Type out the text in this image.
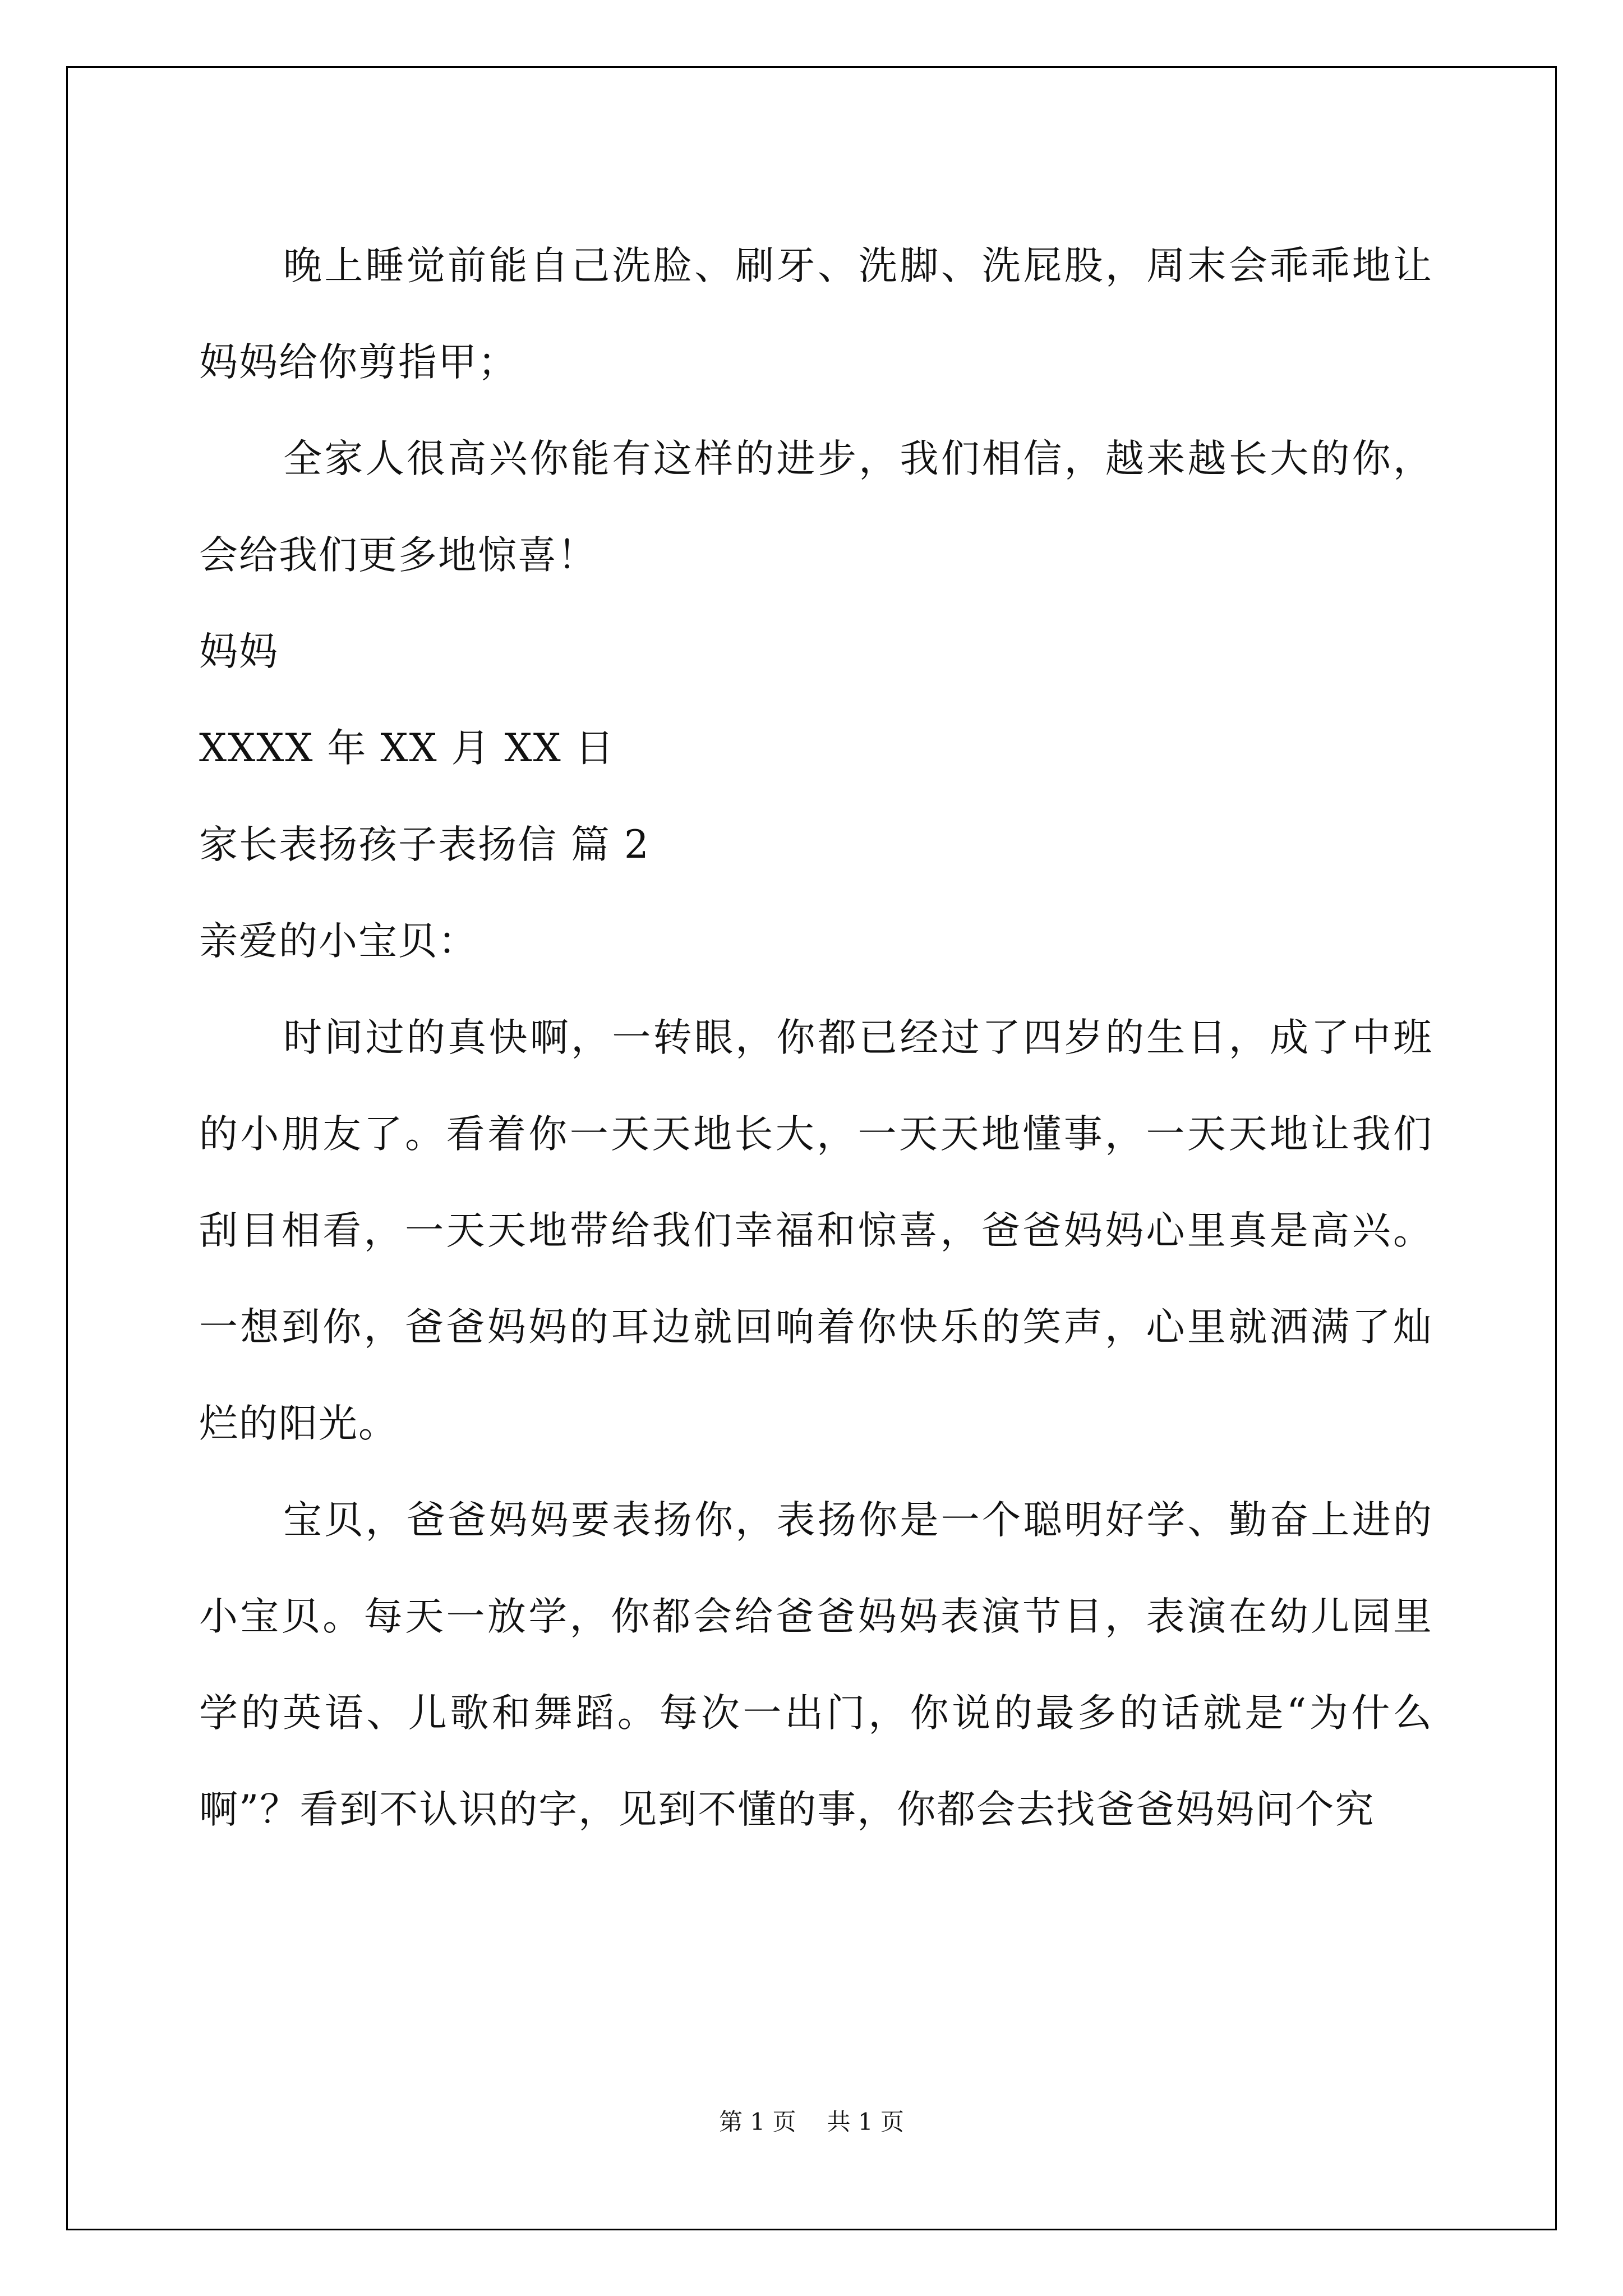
晚上睡觉前能自己洗脸、刷牙、洗脚、洗屁股，周末会乖乖地让妈妈给你剪指甲；

全家人很高兴你能有这样的进步，我们相信，越来越长大的你，会给我们更多地惊喜！

妈妈

XXXX 年 XX 月 XX 日

家长表扬孩子表扬信 篇 2

亲爱的小宝贝：

时间过的真快啊，一转眼，你都已经过了四岁的生日，成了中班的小朋友了。看着你一天天地长大，一天天地懂事，一天天地让我们刮目相看，一天天地带给我们幸福和惊喜，爸爸妈妈心里真是高兴。一想到你，爸爸妈妈的耳边就回响着你快乐的笑声，心里就洒满了灿烂的阳光。

宝贝，爸爸妈妈要表扬你，表扬你是一个聪明好学、勤奋上进的小宝贝。每天一放学，你都会给爸爸妈妈表演节目，表演在幼儿园里学的英语、儿歌和舞蹈。每次一出门，你说的最多的话就是“为什么啊”？看到不认识的字，见到不懂的事，你都会去找爸爸妈妈问个究

第 1 页 共 1 页
